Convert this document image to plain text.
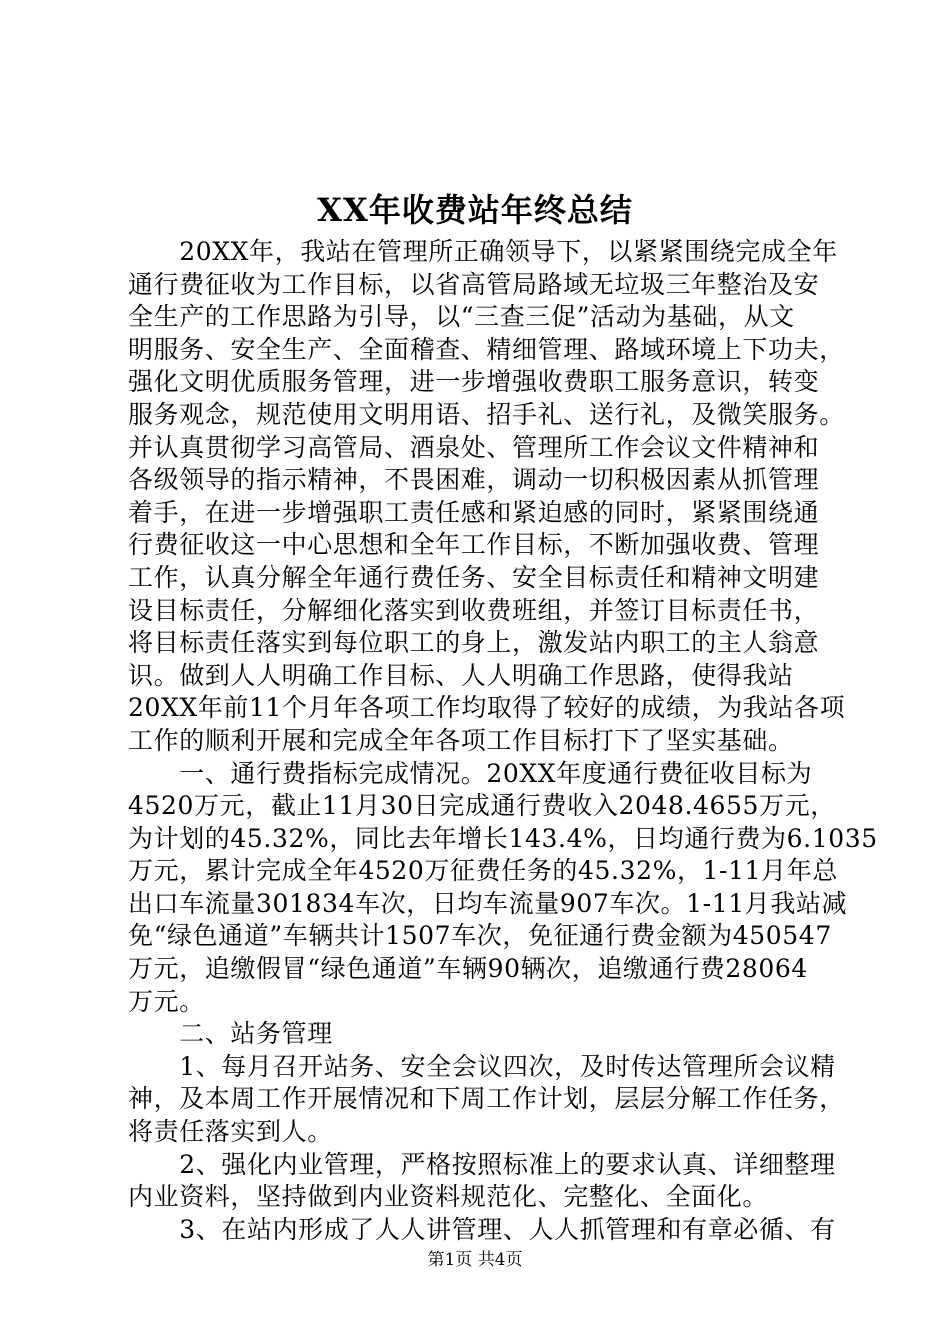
XX年收费站年终总结
　　20XX年，我站在管理所正确领导下，以紧紧围绕完成全年
通行费征收为工作目标，以省高管局路域无垃圾三年整治及安
全生产的工作思路为引导，以“三查三促”活动为基础，从文
明服务、安全生产、全面稽查、精细管理、路域环境上下功夫，
强化文明优质服务管理，进一步增强收费职工服务意识，转变
服务观念，规范使用文明用语、招手礼、送行礼，及微笑服务。
并认真贯彻学习高管局、酒泉处、管理所工作会议文件精神和
各级领导的指示精神，不畏困难，调动一切积极因素从抓管理
着手，在进一步增强职工责任感和紧迫感的同时，紧紧围绕通
行费征收这一中心思想和全年工作目标，不断加强收费、管理
工作，认真分解全年通行费任务、安全目标责任和精神文明建
设目标责任，分解细化落实到收费班组，并签订目标责任书，
将目标责任落实到每位职工的身上，激发站内职工的主人翁意
识。做到人人明确工作目标、人人明确工作思路，使得我站
20XX年前11个月年各项工作均取得了较好的成绩，为我站各项
工作的顺利开展和完成全年各项工作目标打下了坚实基础。
　　一、通行费指标完成情况。20XX年度通行费征收目标为
4520万元，截止11月30日完成通行费收入2048.4655万元，
为计划的45.32%，同比去年增长143.4%，日均通行费为6.1035
万元，累计完成全年4520万征费任务的45.32%，1-11月年总
出口车流量301834车次，日均车流量907车次。1-11月我站减
免“绿色通道”车辆共计1507车次，免征通行费金额为450547
万元，追缴假冒“绿色通道”车辆90辆次，追缴通行费28064
万元。
　　二、站务管理
　　1、每月召开站务、安全会议四次，及时传达管理所会议精
神，及本周工作开展情况和下周工作计划，层层分解工作任务，
将责任落实到人。
　　2、强化内业管理，严格按照标准上的要求认真、详细整理
内业资料，坚持做到内业资料规范化、完整化、全面化。
　　3、在站内形成了人人讲管理、人人抓管理和有章必循、有
第1页 共4页
